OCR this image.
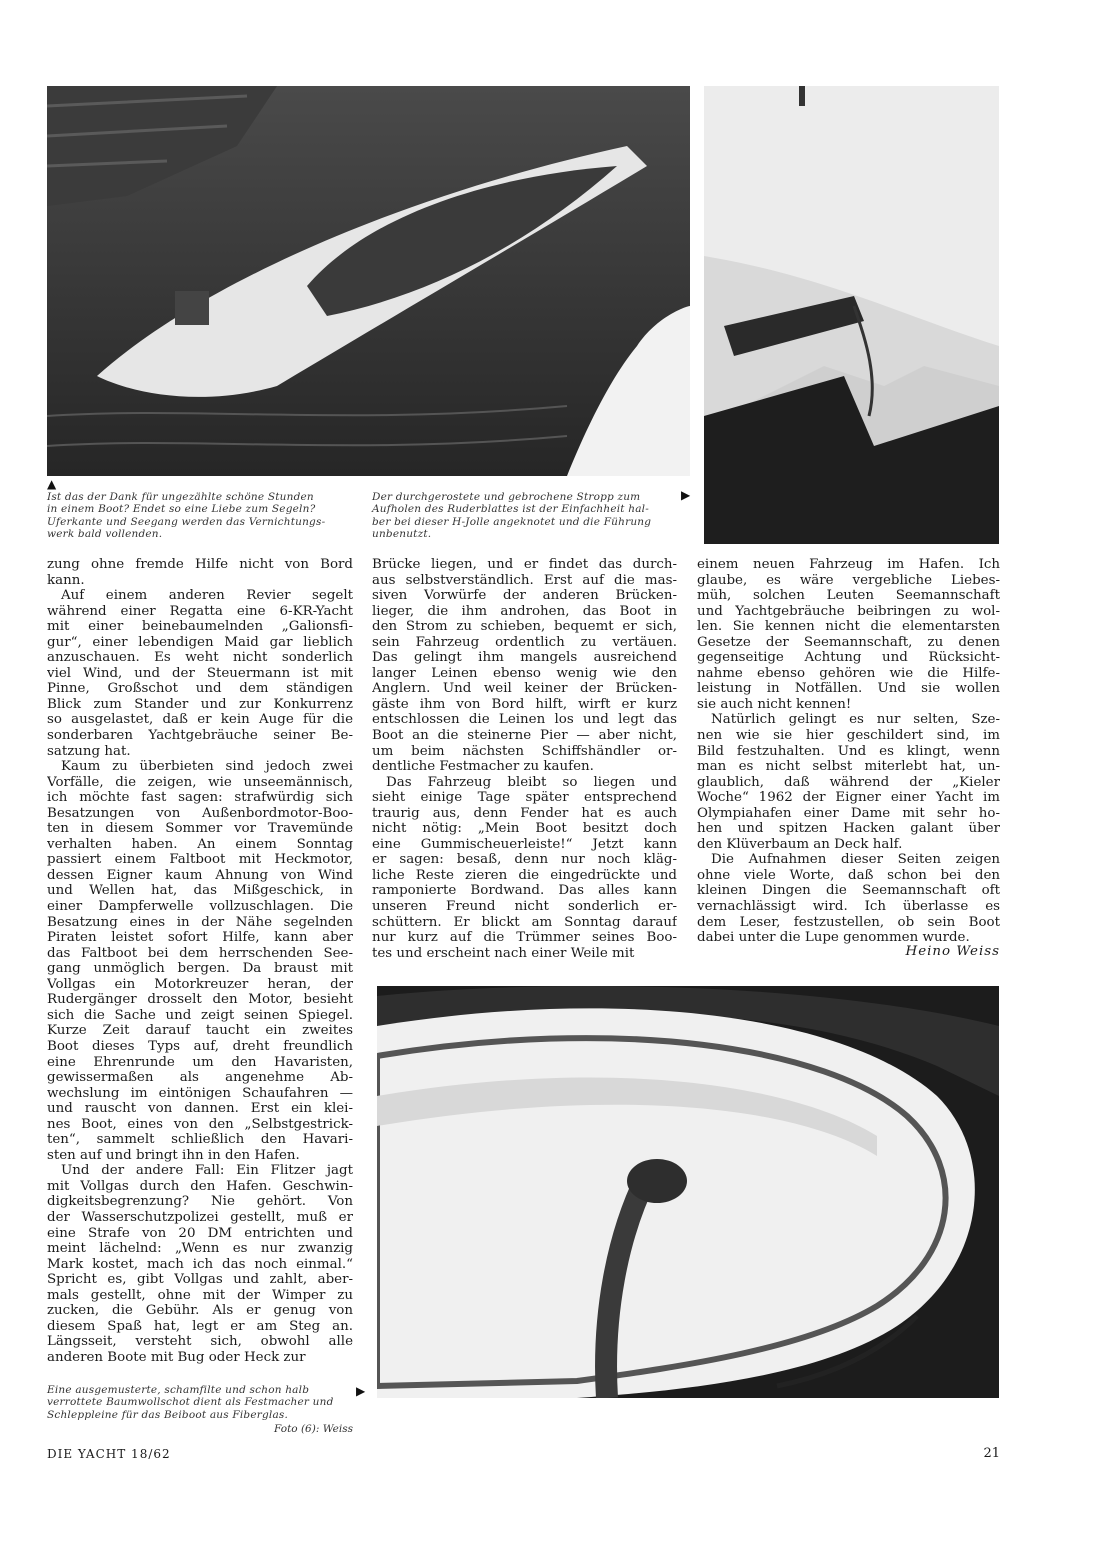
▲

Ist das der Dank für ungezählte schöne Stunden
in einem Boot? Endet so eine Liebe zum Segeln?
Uferkante und Seegang werden das Vernichtungs-
werk bald vollenden.

Der durchgerostete und gebrochene Stropp zum
Aufholen des Ruderblattes ist der Einfachheit hal-
ber bei dieser H-Jolle angeknotet und die Führung
unbenutzt.

▶

Eine ausgemusterte, schamfilte und schon halb
verrottete Baumwollschot dient als Festmacher und
Schleppleine für das Beiboot aus Fiberglas.

▶

Foto (6): Weiss

zung ohne fremde Hilfe nicht von Bord
kann.
Auf einem anderen Revier segelt
während einer Regatta eine 6-KR-Yacht
mit einer beinebaumelnden „Galionsfi-
gur“, einer lebendigen Maid gar lieblich
anzuschauen. Es weht nicht sonderlich
viel Wind, und der Steuermann ist mit
Pinne, Großschot und dem ständigen
Blick zum Stander und zur Konkurrenz
so ausgelastet, daß er kein Auge für die
sonderbaren Yachtgebräuche seiner Be-
satzung hat.
Kaum zu überbieten sind jedoch zwei
Vorfälle, die zeigen, wie unseemännisch,
ich möchte fast sagen: strafwürdig sich
Besatzungen von Außenbordmotor-Boo-
ten in diesem Sommer vor Travemünde
verhalten haben. An einem Sonntag
passiert einem Faltboot mit Heckmotor,
dessen Eigner kaum Ahnung von Wind
und Wellen hat, das Mißgeschick, in
einer Dampferwelle vollzuschlagen. Die
Besatzung eines in der Nähe segelnden
Piraten leistet sofort Hilfe, kann aber
das Faltboot bei dem herrschenden See-
gang unmöglich bergen. Da braust mit
Vollgas ein Motorkreuzer heran, der
Rudergänger drosselt den Motor, besieht
sich die Sache und zeigt seinen Spiegel.
Kurze Zeit darauf taucht ein zweites
Boot dieses Typs auf, dreht freundlich
eine Ehrenrunde um den Havaristen,
gewissermaßen als angenehme Ab-
wechslung im eintönigen Schaufahren —
und rauscht von dannen. Erst ein klei-
nes Boot, eines von den „Selbstgestrick-
ten“, sammelt schließlich den Havari-
sten auf und bringt ihn in den Hafen.
Und der andere Fall: Ein Flitzer jagt
mit Vollgas durch den Hafen. Geschwin-
digkeitsbegrenzung? Nie gehört. Von
der Wasserschutzpolizei gestellt, muß er
eine Strafe von 20 DM entrichten und
meint lächelnd: „Wenn es nur zwanzig
Mark kostet, mach ich das noch einmal.“
Spricht es, gibt Vollgas und zahlt, aber-
mals gestellt, ohne mit der Wimper zu
zucken, die Gebühr. Als er genug von
diesem Spaß hat, legt er am Steg an.
Längsseit, versteht sich, obwohl alle
anderen Boote mit Bug oder Heck zur
Brücke liegen, und er findet das durch-
aus selbstverständlich. Erst auf die mas-
siven Vorwürfe der anderen Brücken-
lieger, die ihm androhen, das Boot in
den Strom zu schieben, bequemt er sich,
sein Fahrzeug ordentlich zu vertäuen.
Das gelingt ihm mangels ausreichend
langer Leinen ebenso wenig wie den
Anglern. Und weil keiner der Brücken-
gäste ihm von Bord hilft, wirft er kurz
entschlossen die Leinen los und legt das
Boot an die steinerne Pier — aber nicht,
um beim nächsten Schiffshändler or-
dentliche Festmacher zu kaufen.
Das Fahrzeug bleibt so liegen und
sieht einige Tage später entsprechend
traurig aus, denn Fender hat es auch
nicht nötig: „Mein Boot besitzt doch
eine Gummischeuerleiste!“ Jetzt kann
er sagen: besaß, denn nur noch kläg-
liche Reste zieren die eingedrückte und
ramponierte Bordwand. Das alles kann
unseren Freund nicht sonderlich er-
schüttern. Er blickt am Sonntag darauf
nur kurz auf die Trümmer seines Boo-
tes und erscheint nach einer Weile mit
einem neuen Fahrzeug im Hafen. Ich
glaube, es wäre vergebliche Liebes-
müh, solchen Leuten Seemannschaft
und Yachtgebräuche beibringen zu wol-
len. Sie kennen nicht die elementarsten
Gesetze der Seemannschaft, zu denen
gegenseitige Achtung und Rücksicht-
nahme ebenso gehören wie die Hilfe-
leistung in Notfällen. Und sie wollen
sie auch nicht kennen!
Natürlich gelingt es nur selten, Sze-
nen wie sie hier geschildert sind, im
Bild festzuhalten. Und es klingt, wenn
man es nicht selbst miterlebt hat, un-
glaublich, daß während der „Kieler
Woche“ 1962 der Eigner einer Yacht im
Olympiahafen einer Dame mit sehr ho-
hen und spitzen Hacken galant über
den Klüverbaum an Deck half.
Die Aufnahmen dieser Seiten zeigen
ohne viele Worte, daß schon bei den
kleinen Dingen die Seemannschaft oft
vernachlässigt wird. Ich überlasse es
dem Leser, festzustellen, ob sein Boot
dabei unter die Lupe genommen wurde.

Heino Weiss

DIE YACHT 18/62	21
